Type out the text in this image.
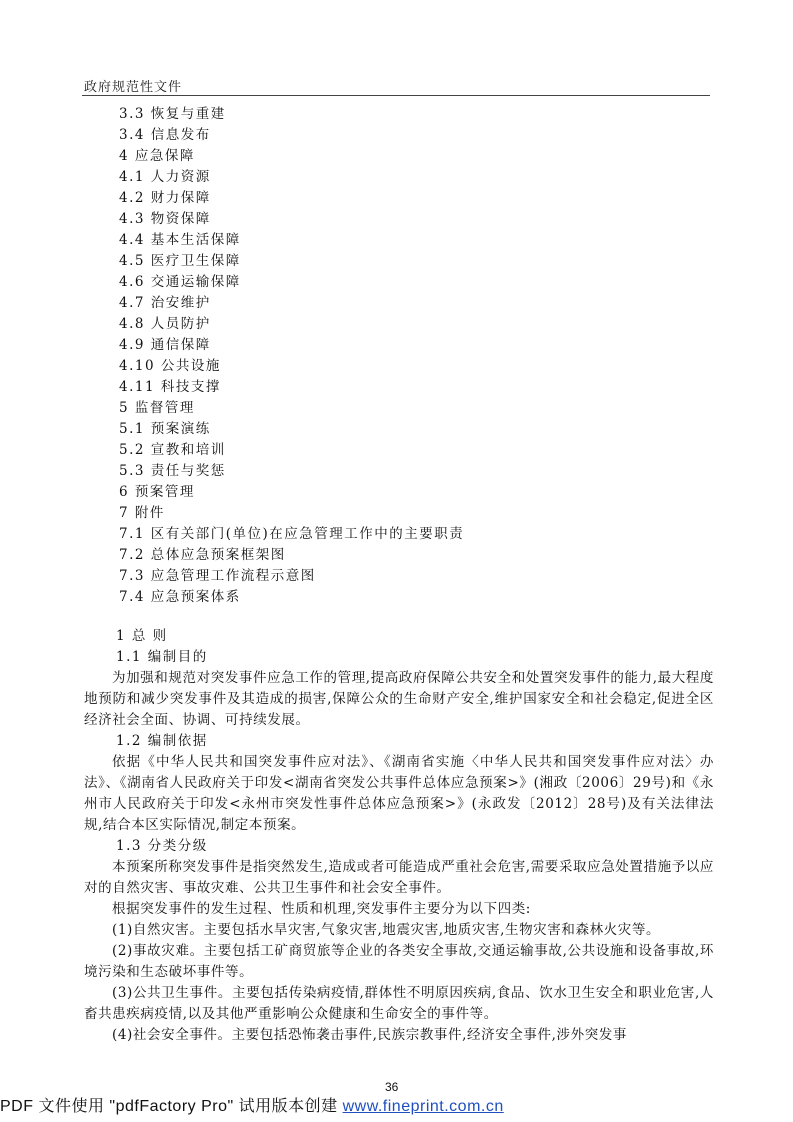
政府规范性文件
3.3 恢复与重建
3.4 信息发布
4 应急保障
4.1 人力资源
4.2 财力保障
4.3 物资保障
4.4 基本生活保障
4.5 医疗卫生保障
4.6 交通运输保障
4.7 治安维护
4.8 人员防护
4.9 通信保障
4.10 公共设施
4.11 科技支撑
5 监督管理
5.1 预案演练
5.2 宣教和培训
5.3 责任与奖惩
6 预案管理
7 附件
7.1 区有关部门(单位)在应急管理工作中的主要职责
7.2 总体应急预案框架图
7.3 应急管理工作流程示意图
7.4 应急预案体系
1 总 则
1.1 编制目的

为加强和规范对突发事件应急工作的管理,提高政府保障公共安全和处置突发事件的能力,最大程度地预防和减少突发事件及其造成的损害,保障公众的生命财产安全,维护国家安全和社会稳定,促进全区经济社会全面、协调、可持续发展。

1.2 编制依据

依据《中华人民共和国突发事件应对法》、《湖南省实施〈中华人民共和国突发事件应对法〉办法》、《湖南省人民政府关于印发<湖南省突发公共事件总体应急预案>》(湘政〔2006〕29号)和《永州市人民政府关于印发<永州市突发性事件总体应急预案>》(永政发〔2012〕28号)及有关法律法规,结合本区实际情况,制定本预案。

1.3 分类分级

本预案所称突发事件是指突然发生,造成或者可能造成严重社会危害,需要采取应急处置措施予以应对的自然灾害、事故灾难、公共卫生事件和社会安全事件。

根据突发事件的发生过程、性质和机理,突发事件主要分为以下四类:

(1)自然灾害。主要包括水旱灾害,气象灾害,地震灾害,地质灾害,生物灾害和森林火灾等。

(2)事故灾难。主要包括工矿商贸旅等企业的各类安全事故,交通运输事故,公共设施和设备事故,环境污染和生态破坏事件等。

(3)公共卫生事件。主要包括传染病疫情,群体性不明原因疾病,食品、饮水卫生安全和职业危害,人畜共患疾病疫情,以及其他严重影响公众健康和生命安全的事件等。

(4)社会安全事件。主要包括恐怖袭击事件,民族宗教事件,经济安全事件,涉外突发事

36
PDF 文件使用 "pdfFactory Pro" 试用版本创建 www.fineprint.com.cn
